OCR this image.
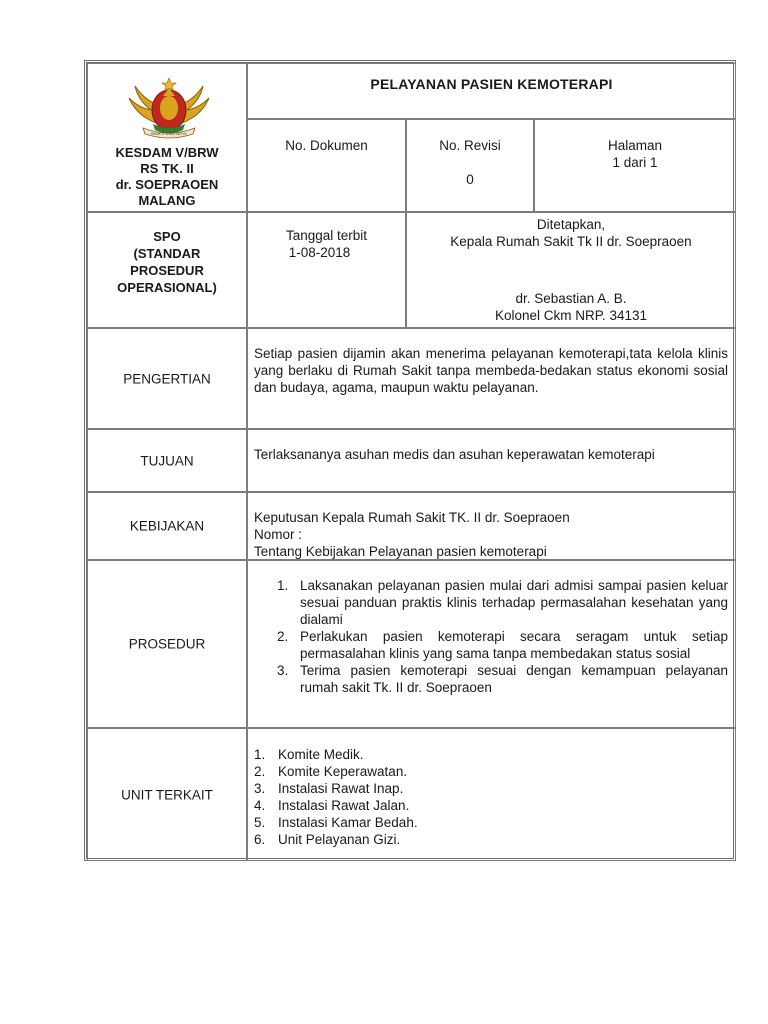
BHAKTI WIRA SATYA
KESDAM V/BRW
RS TK. II
dr. SOEPRAOEN
MALANG
PELAYANAN PASIEN KEMOTERAPI
No. Dokumen	No. Revisi
0
Halaman
1 dari 1
SPO
(STANDAR
PROSEDUR
OPERASIONAL)
Tanggal terbit
1-08-2018
Ditetapkan,
Kepala Rumah Sakit Tk II dr. Soepraoen
dr. Sebastian A. B.
Kolonel Ckm NRP. 34131
PENGERTIAN
Setiap pasien dijamin akan menerima pelayanan kemoterapi,tata kelola klinis yang berlaku di Rumah Sakit tanpa membeda-bedakan status ekonomi sosial dan budaya, agama, maupun waktu pelayanan.
TUJUAN	Terlaksananya asuhan medis dan asuhan keperawatan kemoterapi
KEBIJAKAN
Keputusan Kepala Rumah Sakit TK. II dr. Soepraoen
Nomor :
Tentang Kebijakan Pelayanan pasien kemoterapi
PROSEDUR
1. Laksanakan pelayanan pasien mulai dari admisi sampai pasien keluar sesuai panduan praktis klinis terhadap permasalahan kesehatan yang dialami
2. Perlakukan pasien kemoterapi secara seragam untuk setiap permasalahan klinis yang sama tanpa membedakan status sosial
3. Terima pasien kemoterapi sesuai dengan kemampuan pelayanan rumah sakit Tk. II dr. Soepraoen
UNIT TERKAIT
1. Komite Medik.
2. Komite Keperawatan.
3. Instalasi Rawat Inap.
4. Instalasi Rawat Jalan.
5. Instalasi Kamar Bedah.
6. Unit Pelayanan Gizi.
